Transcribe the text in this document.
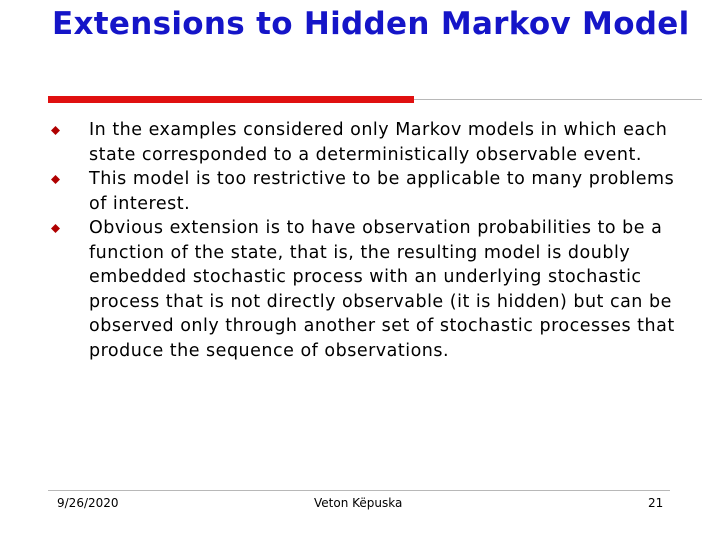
Extensions to Hidden Markov Model
In the examples considered only Markov models in which each state corresponded to a deterministically observable event.
This model is too restrictive to be applicable to many problems of interest.
Obvious extension is to have observation probabilities to be a function of the state, that is, the resulting model is doubly embedded stochastic process with an underlying stochastic process that is not directly observable (it is hidden) but can be observed only through another set of stochastic processes that produce the sequence of observations.
9/26/2020	Veton Këpuska	21
